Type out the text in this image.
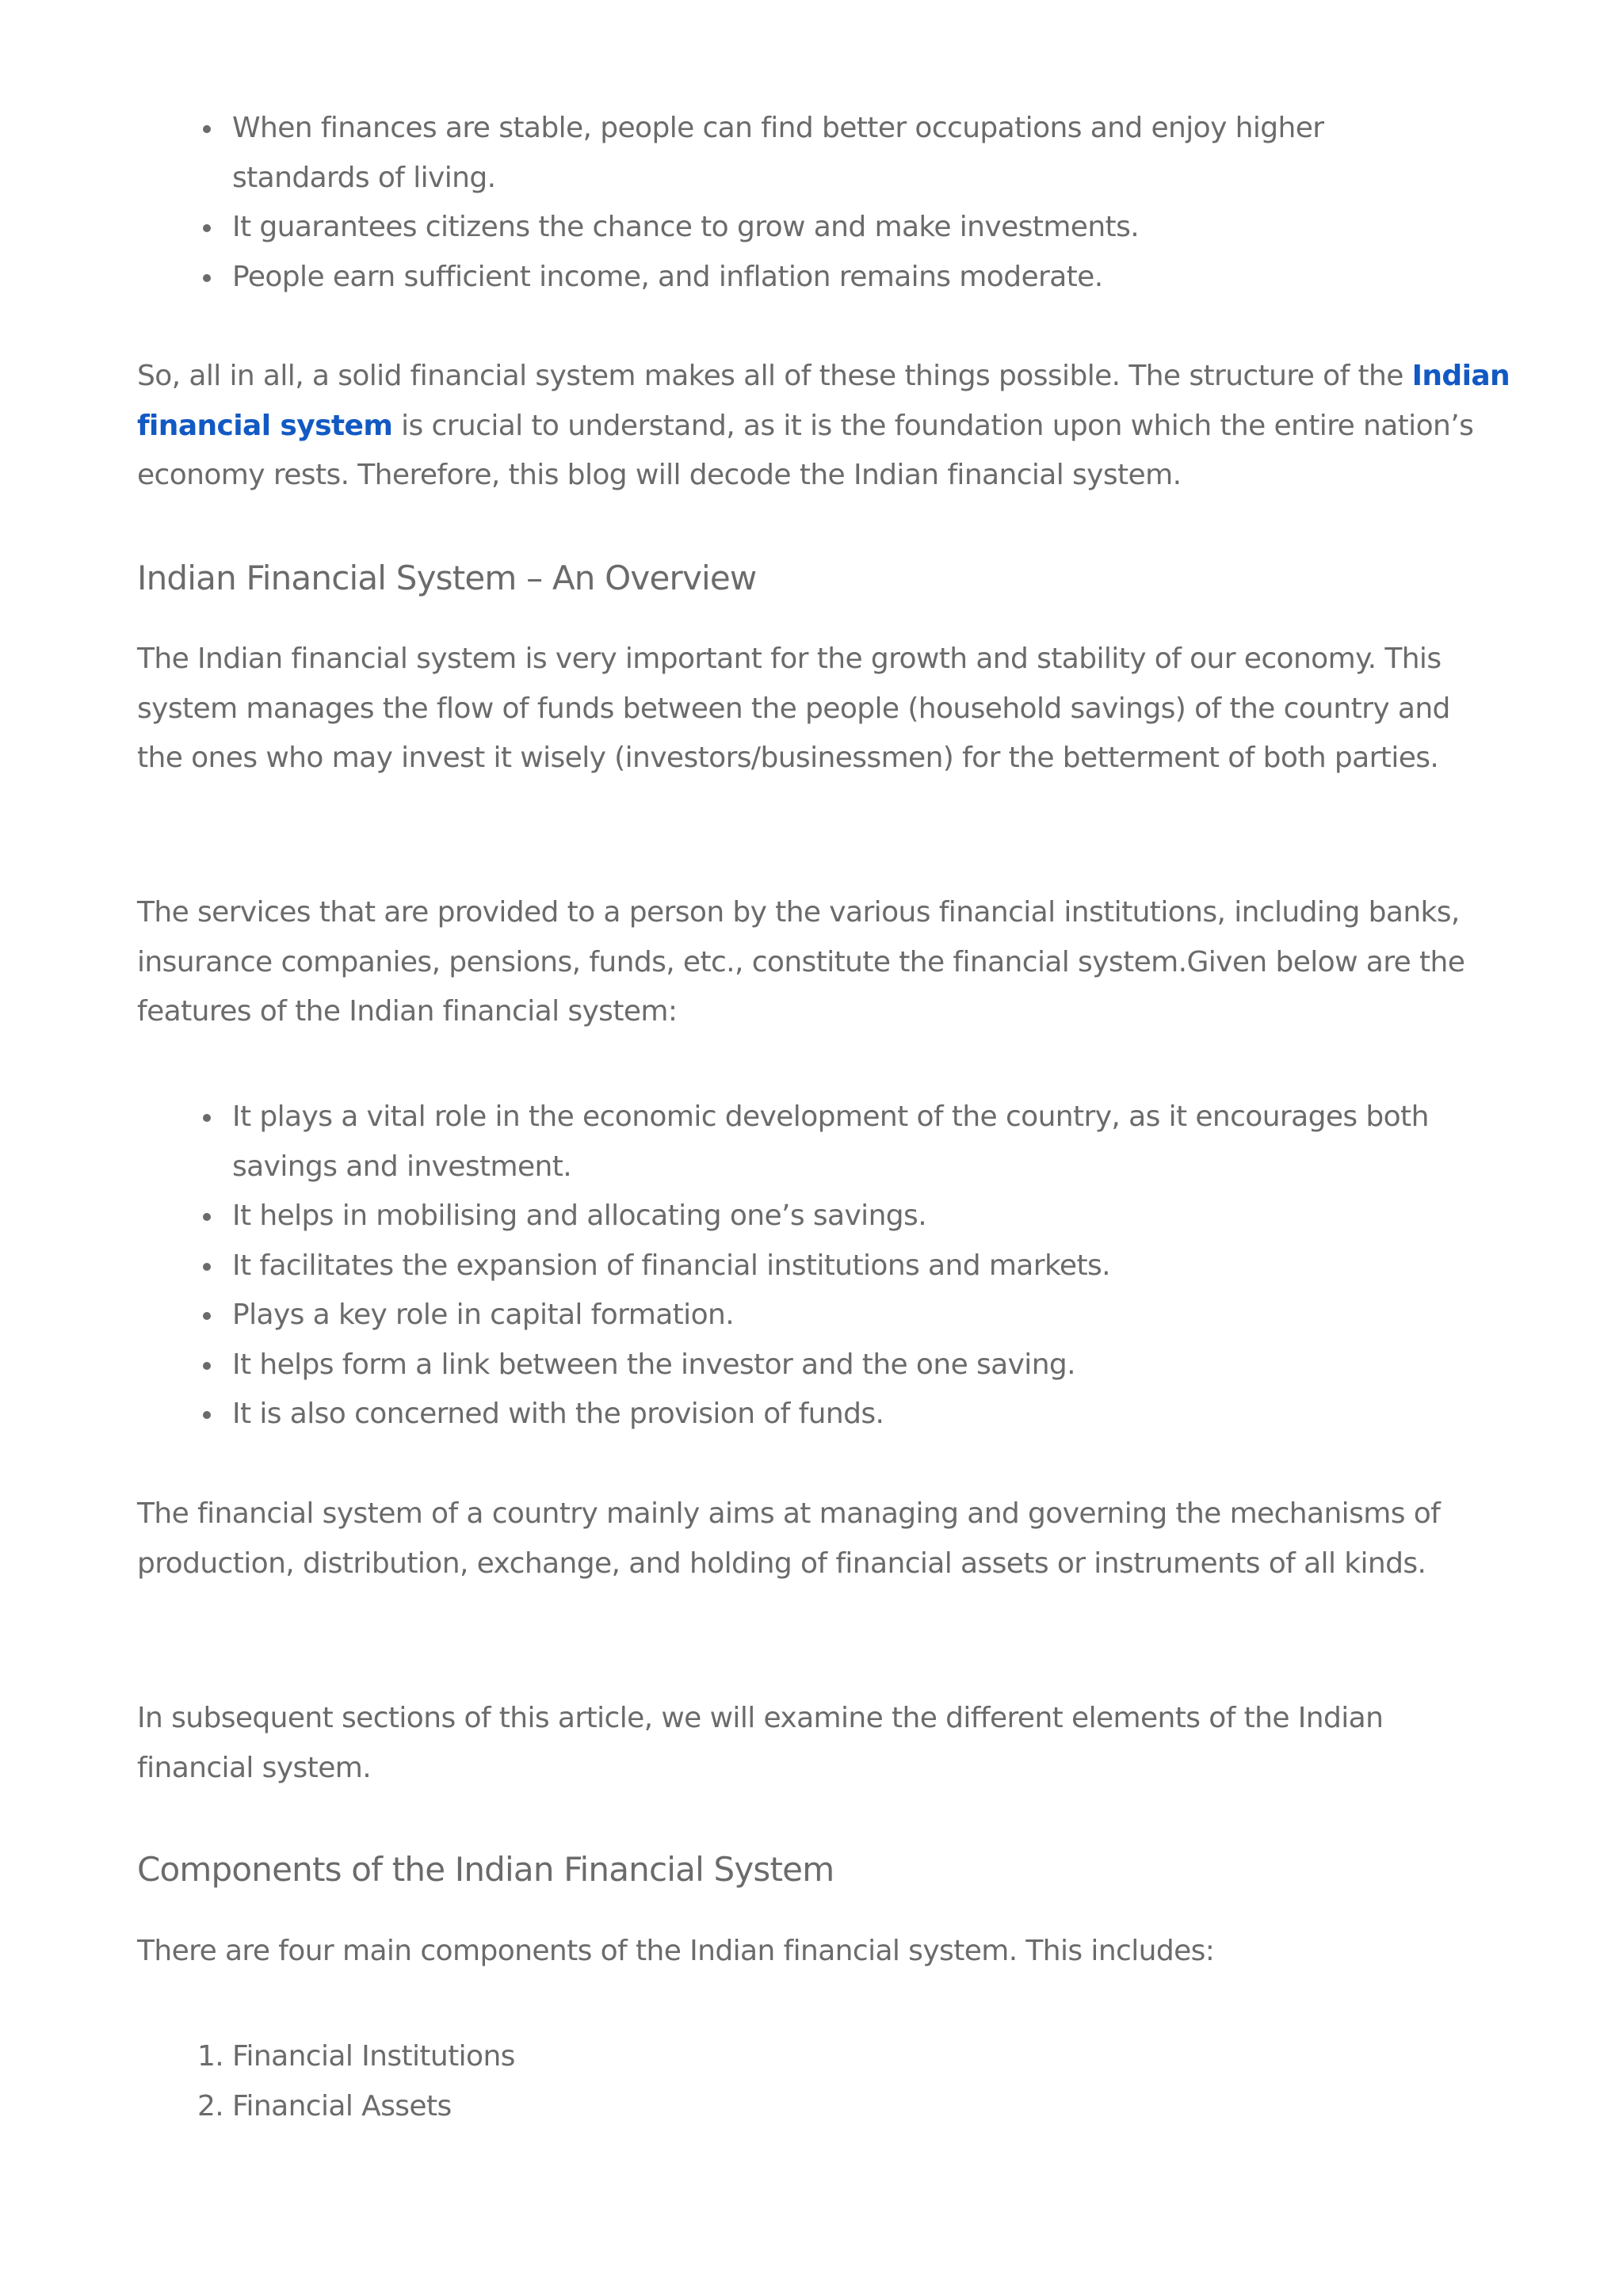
When finances are stable, people can find better occupations and enjoy higher standards of living.
It guarantees citizens the chance to grow and make investments.
People earn sufficient income, and inflation remains moderate.

So, all in all, a solid financial system makes all of these things possible. The structure of the Indian financial system is crucial to understand, as it is the foundation upon which the entire nation’s economy rests. Therefore, this blog will decode the Indian financial system.

Indian Financial System – An Overview

The Indian financial system is very important for the growth and stability of our economy. This system manages the flow of funds between the people (household savings) of the country and the ones who may invest it wisely (investors/businessmen) for the betterment of both parties.

The services that are provided to a person by the various financial institutions, including banks, insurance companies, pensions, funds, etc., constitute the financial system.Given below are the features of the Indian financial system:

It plays a vital role in the economic development of the country, as it encourages both savings and investment.
It helps in mobilising and allocating one’s savings.
It facilitates the expansion of financial institutions and markets.
Plays a key role in capital formation.
It helps form a link between the investor and the one saving.
It is also concerned with the provision of funds.

The financial system of a country mainly aims at managing and governing the mechanisms of production, distribution, exchange, and holding of financial assets or instruments of all kinds.

In subsequent sections of this article, we will examine the different elements of the Indian financial system.

Components of the Indian Financial System

There are four main components of the Indian financial system. This includes:

1. Financial Institutions
2. Financial Assets
